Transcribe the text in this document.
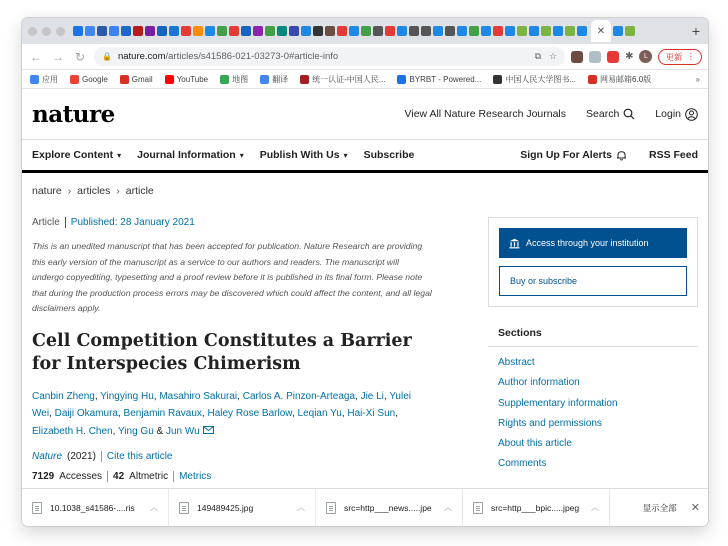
✕	+
← → ↻	🔒 nature.com/articles/s41586-021-03273-0#article-info	⧉ ☆	✱	L	更新 ⋮
应用	Google	Gmail	YouTube	地图	翻译	统一认证-中国人民...	BYRBT - Powered...	中国人民大学图书...	网易邮箱6.0版	»
nature	View All Nature Research Journals Search	Login
Explore Content ▾ Journal Information ▾ Publish With Us ▾ Subscribe	Sign Up For Alerts	RSS Feed
nature › articles › article
Article Published: 28 January 2021

This is an unedited manuscript that has been accepted for publication. Nature Research are providing this early version of the manuscript as a service to our authors and readers. The manuscript will undergo copyediting, typesetting and a proof review before it is published in its final form. Please note that during the production process errors may be discovered which could affect the content, and all legal disclaimers apply.

Cell Competition Constitutes a Barrier for Interspecies Chimerism
Canbin Zheng, Yingying Hu, Masahiro Sakurai, Carlos A. Pinzon-Arteaga, Jie Li, Yulei Wei, Daiji Okamura, Benjamin Ravaux, Haley Rose Barlow, Leqian Yu, Hai-Xi Sun, Elizabeth H. Chen, Ying Gu & Jun Wu
Nature (2021) Cite this article
7129 Accesses 42 Altmetric Metrics
Access through your institution
Buy or subscribe
Sections
Abstract
Author information
Supplementary information
Rights and permissions
About this article
Comments
10.1038_s41586-....ris	︿	149489425.jpg	︿	src=http___news.....jpe	︿	src=http___bpic.....jpeg	︿	显示全部	✕
